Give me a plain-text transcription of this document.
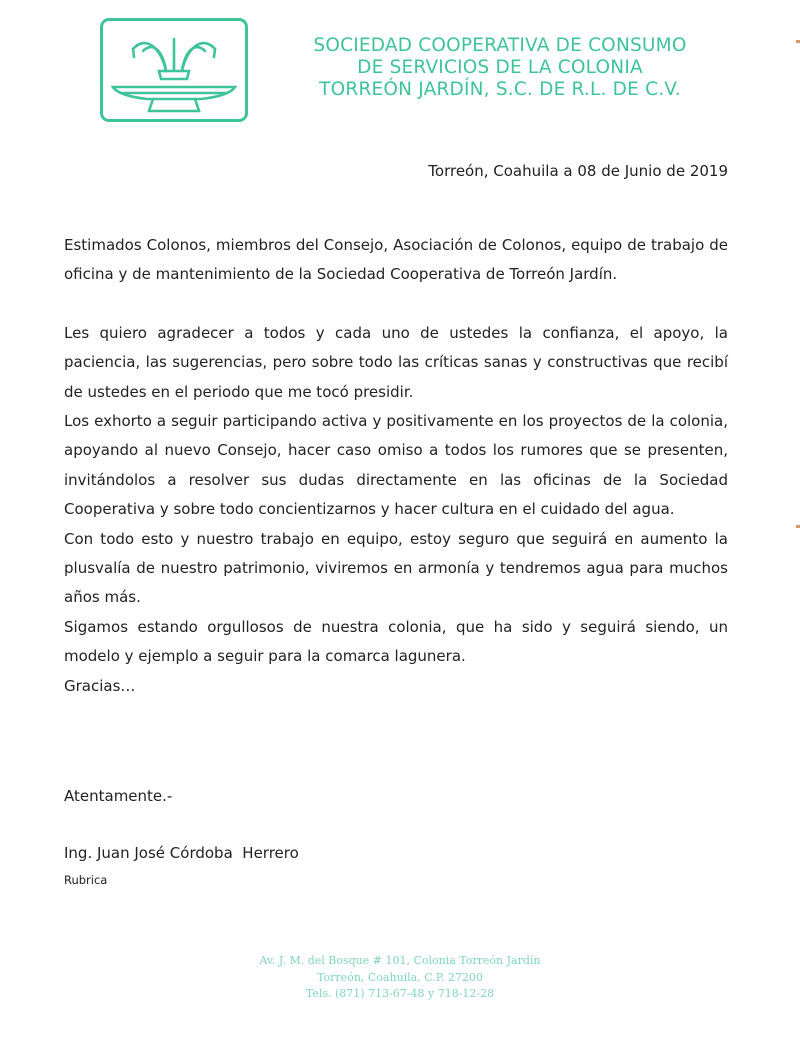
SOCIEDAD COOPERATIVA DE CONSUMO
DE SERVICIOS DE LA COLONIA
TORREÓN JARDÍN, S.C. DE R.L. DE C.V.
Torreón, Coahuila a 08 de Junio de 2019

Estimados Colonos, miembros del Consejo, Asociación de Colonos, equipo de trabajo de oficina y de mantenimiento de la Sociedad Cooperativa de Torreón Jardín.

Les quiero agradecer a todos y cada uno de ustedes la confianza, el apoyo, la paciencia, las sugerencias, pero sobre todo las críticas sanas y constructivas que recibí de ustedes en el periodo que me tocó presidir.

Los exhorto a seguir participando activa y positivamente en los proyectos de la colonia, apoyando al nuevo Consejo, hacer caso omiso a todos los rumores que se presenten, invitándolos a resolver sus dudas directamente en las oficinas de la Sociedad Cooperativa y sobre todo concientizarnos y hacer cultura en el cuidado del agua.

Con todo esto y nuestro trabajo en equipo, estoy seguro que seguirá en aumento la plusvalía de nuestro patrimonio, viviremos en armonía y tendremos agua para muchos años más.

Sigamos estando orgullosos de nuestra colonia, que ha sido y seguirá siendo, un modelo y ejemplo a seguir para la comarca lagunera.

Gracias…

Atentamente.-
Ing. Juan José Córdoba  Herrero
Rubrica
Av. J. M. del Bosque # 101, Colonia Torreón Jardín
Torreón, Coahuila, C.P. 27200
Tels. (871) 713-67-48 y 718-12-28
